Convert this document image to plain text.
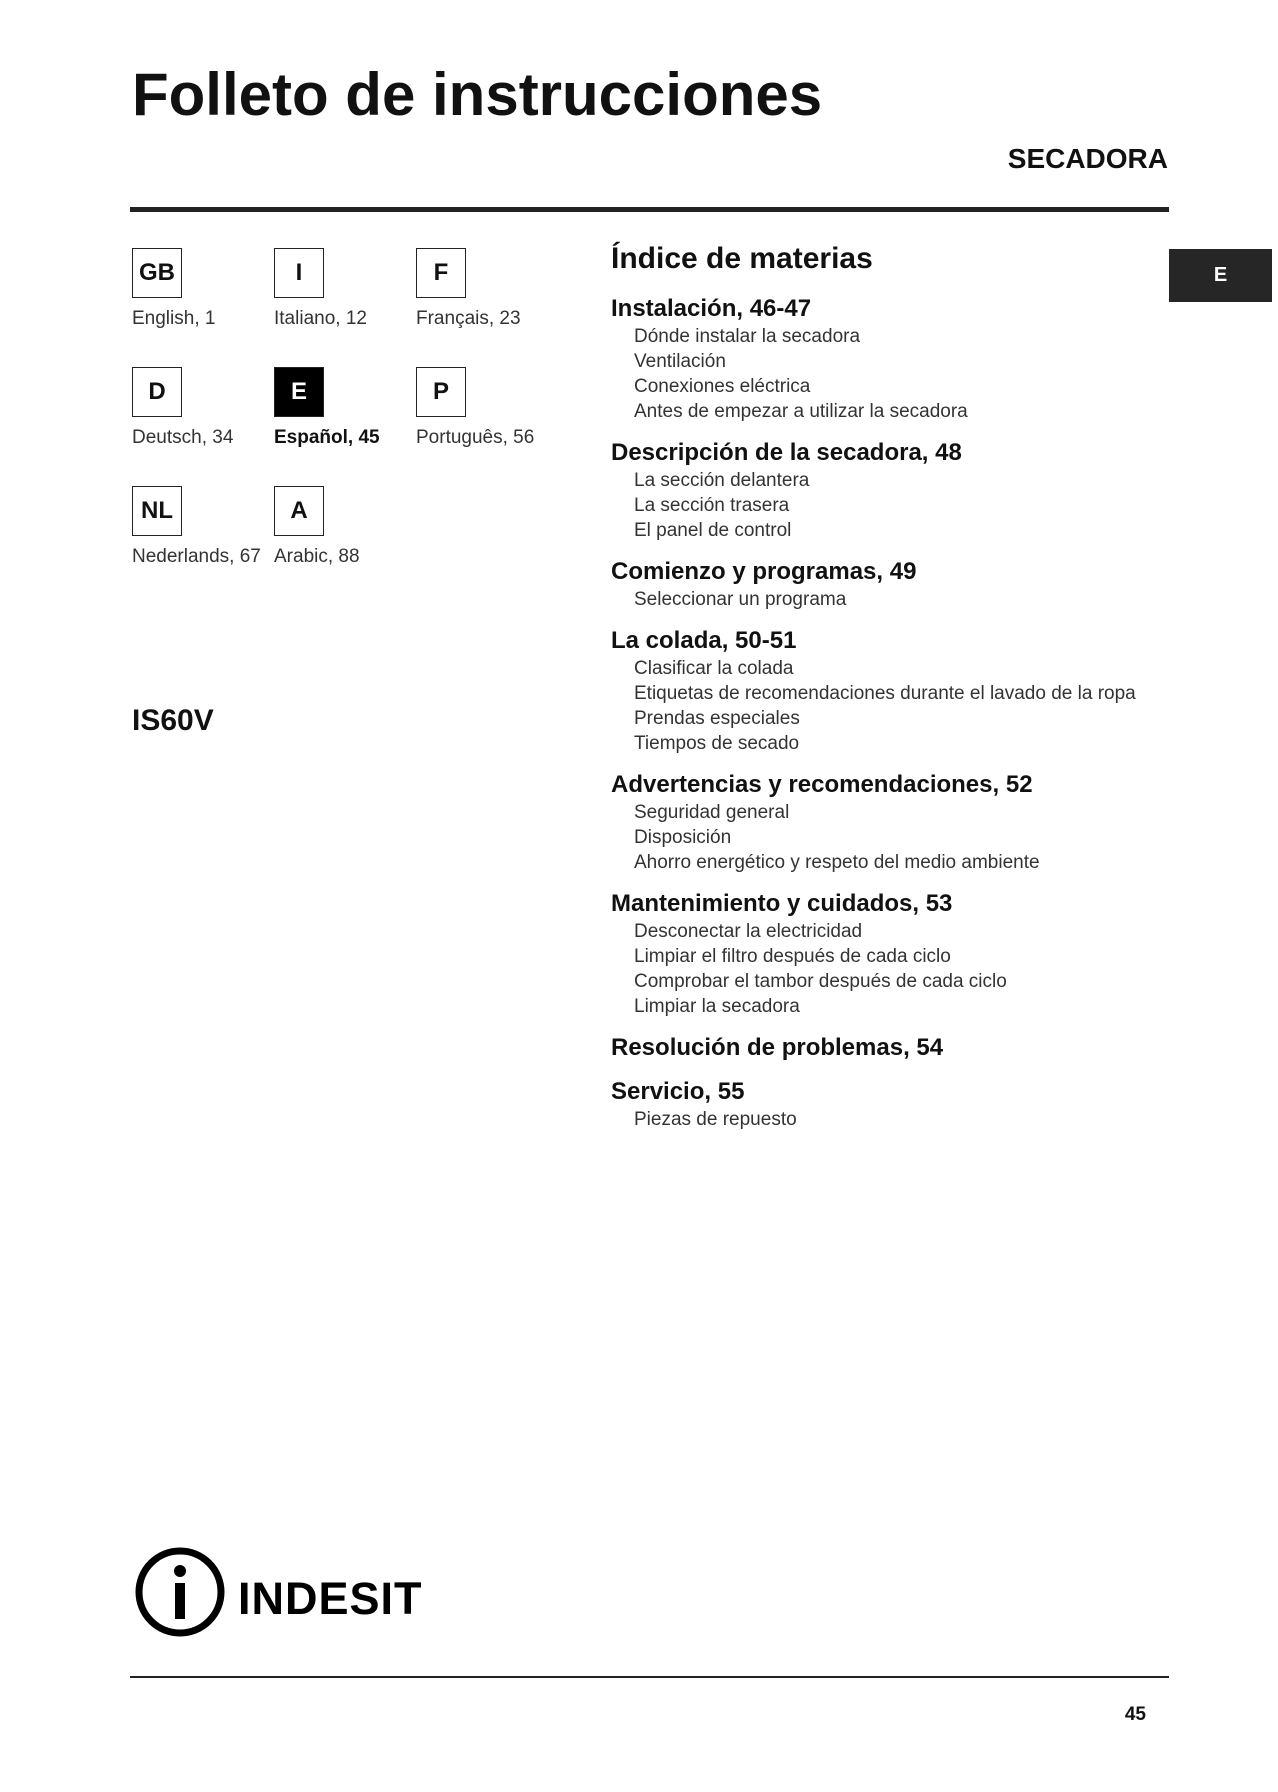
Folleto de instrucciones
SECADORA
GB
English, 1
I
Italiano, 12
F
Français, 23
D
Deutsch, 34
E
Español, 45
P
Português, 56
NL
Nederlands, 67
A
Arabic, 88
IS60V
Índice de materias
Instalación, 46-47
Dónde instalar la secadora
Ventilación
Conexiones eléctrica
Antes de empezar a utilizar la secadora
Descripción de la secadora, 48
La sección delantera
La sección trasera
El panel de control
Comienzo y programas, 49
Seleccionar un programa
La colada, 50-51
Clasificar la colada
Etiquetas de recomendaciones durante el lavado de la ropa
Prendas especiales
Tiempos de secado
Advertencias y recomendaciones, 52
Seguridad general
Disposición
Ahorro energético y respeto del medio ambiente
Mantenimiento y cuidados, 53
Desconectar la electricidad
Limpiar el filtro después de cada ciclo
Comprobar el tambor después de cada ciclo
Limpiar la secadora
Resolución de problemas, 54
Servicio, 55
Piezas de repuesto
E
indesit
45
